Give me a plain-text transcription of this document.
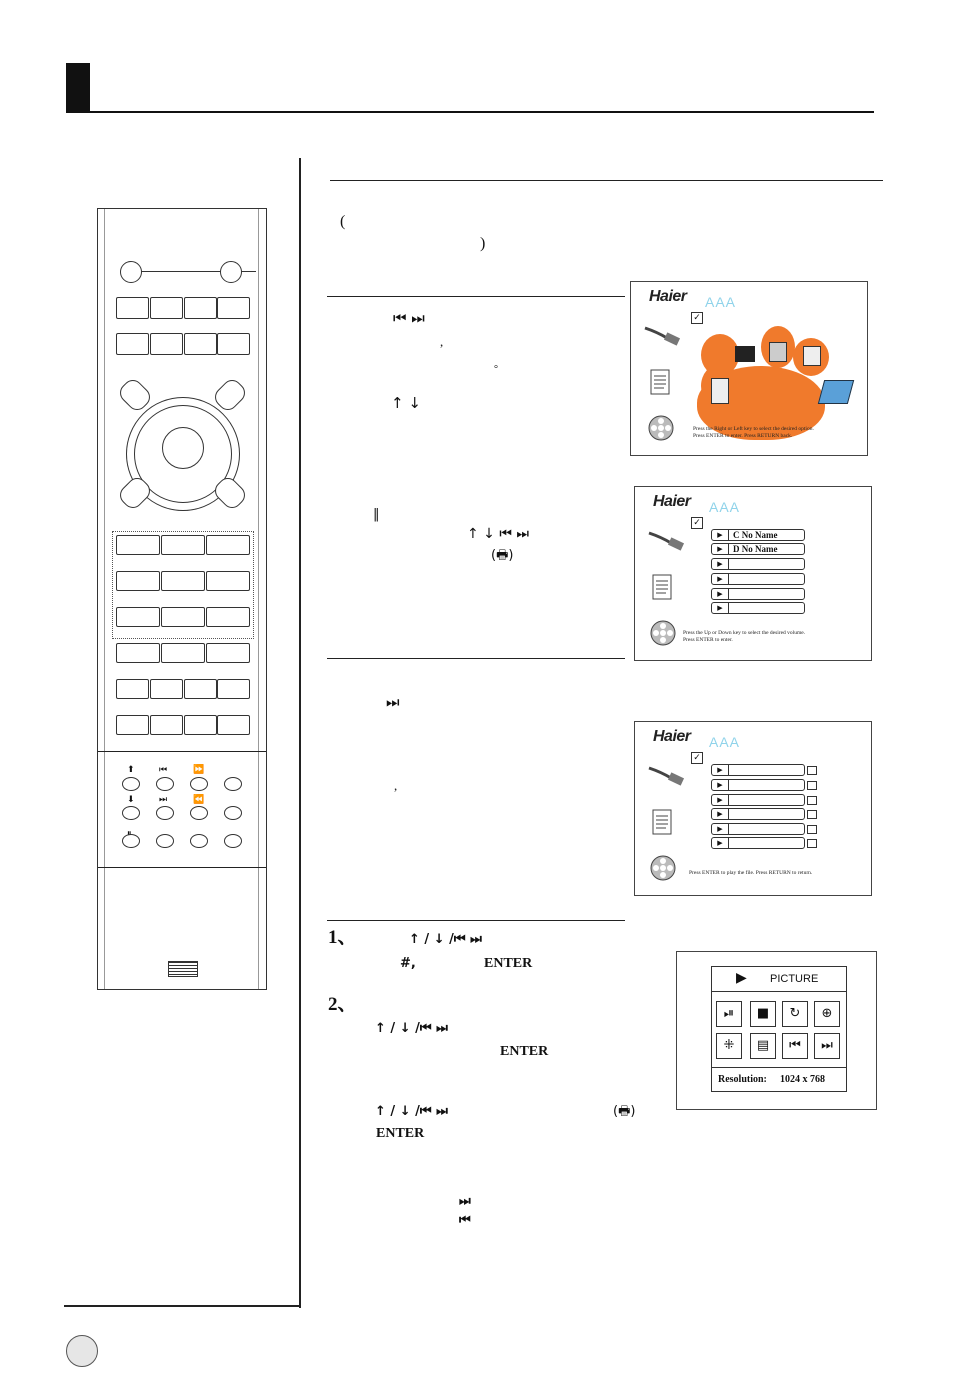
⬆	⏮	⏩
⬇	⏭	⏪
(
)
⏮ ⏭
,
°
↑ ↓
‖
↑ ↓ ⏮ ⏭
(🖶)
⏭
,
1、	↑ / ↓ /⏮ ⏭
#,	ENTER
2、
↑ / ↓ /⏮ ⏭
ENTER
↑ / ↓ /⏮ ⏭	(🖶)
ENTER
⏭
⏮
Haier AAA
✓
Press the Right or Left key to select the desired option.
Press ENTER to enter. Press RETURN back.
Haier AAA
✓
▶	C No Name
▶	D No Name
▶
▶
▶
▶
Press the Up or Down key to select the desired volume.
Press ENTER to enter.
Haier AAA
✓
▶
▶
▶
▶
▶
▶
Press ENTER to play the file. Press RETURN to return.
▶ PICTURE
⏯	■	↻	⊕
⁜	▤	⏮	⏭
Resolution: 1024 x 768
